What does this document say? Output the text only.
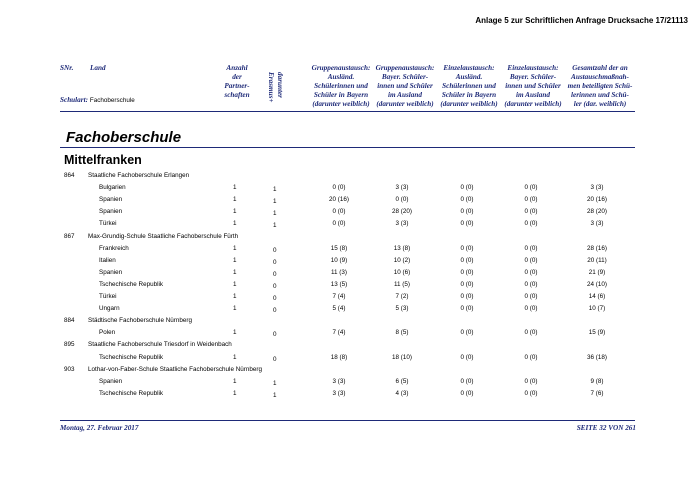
Anlage 5 zur Schriftlichen Anfrage Drucksache 17/21113
SNr. Land
Schulart: Fachoberschule
Anzahl
der
Partner-
schaften	darunter
Erasmus+
Gruppenaustausch:
Ausländ.
Schülerinnen und
Schüler in Bayern
(darunter weiblich)
Gruppenaustausch:
Bayer. Schüler-
innen und Schüler
im Ausland
(darunter weiblich)
Einzelaustausch:
Ausländ.
Schülerinnen und
Schüler in Bayern
(darunter weiblich)
Einzelaustausch:
Bayer. Schüler-
innen und Schüler
im Ausland
(darunter weiblich)
Gesamtzahl der an
Austauschmaßnah-
men beteiligten Schü-
lerinnen und Schü-
ler (dar. weiblich)
Fachoberschule
Mittelfranken
864 Staatliche Fachoberschule Erlangen
Bulgarien	1	1	0 (0)	3 (3)	0 (0)	0 (0)	3 (3)
Spanien	1	1	20 (16)	0 (0)	0 (0)	0 (0)	20 (16)
Spanien	1	1	0 (0)	28 (20)	0 (0)	0 (0)	28 (20)
Türkei	1	1	0 (0)	3 (3)	0 (0)	0 (0)	3 (3)
867 Max-Grundig-Schule Staatliche Fachoberschule Fürth
Frankreich	1	0	15 (8)	13 (8)	0 (0)	0 (0)	28 (16)
Italien	1	0	10 (9)	10 (2)	0 (0)	0 (0)	20 (11)
Spanien	1	0	11 (3)	10 (6)	0 (0)	0 (0)	21 (9)
Tschechische Republik	1	0	13 (5)	11 (5)	0 (0)	0 (0)	24 (10)
Türkei	1	0	7 (4)	7 (2)	0 (0)	0 (0)	14 (6)
Ungarn	1	0	5 (4)	5 (3)	0 (0)	0 (0)	10 (7)
884 Städtische Fachoberschule Nürnberg
Polen	1	0	7 (4)	8 (5)	0 (0)	0 (0)	15 (9)
895 Staatliche Fachoberschule Triesdorf in Weidenbach
Tschechische Republik	1	0	18 (8)	18 (10)	0 (0)	0 (0)	36 (18)
903 Lothar-von-Faber-Schule Staatliche Fachoberschule Nürnberg
Spanien	1	1	3 (3)	6 (5)	0 (0)	0 (0)	9 (8)
Tschechische Republik	1	1	3 (3)	4 (3)	0 (0)	0 (0)	7 (6)
Montag, 27. Februar 2017	SEITE 32 VON 261
